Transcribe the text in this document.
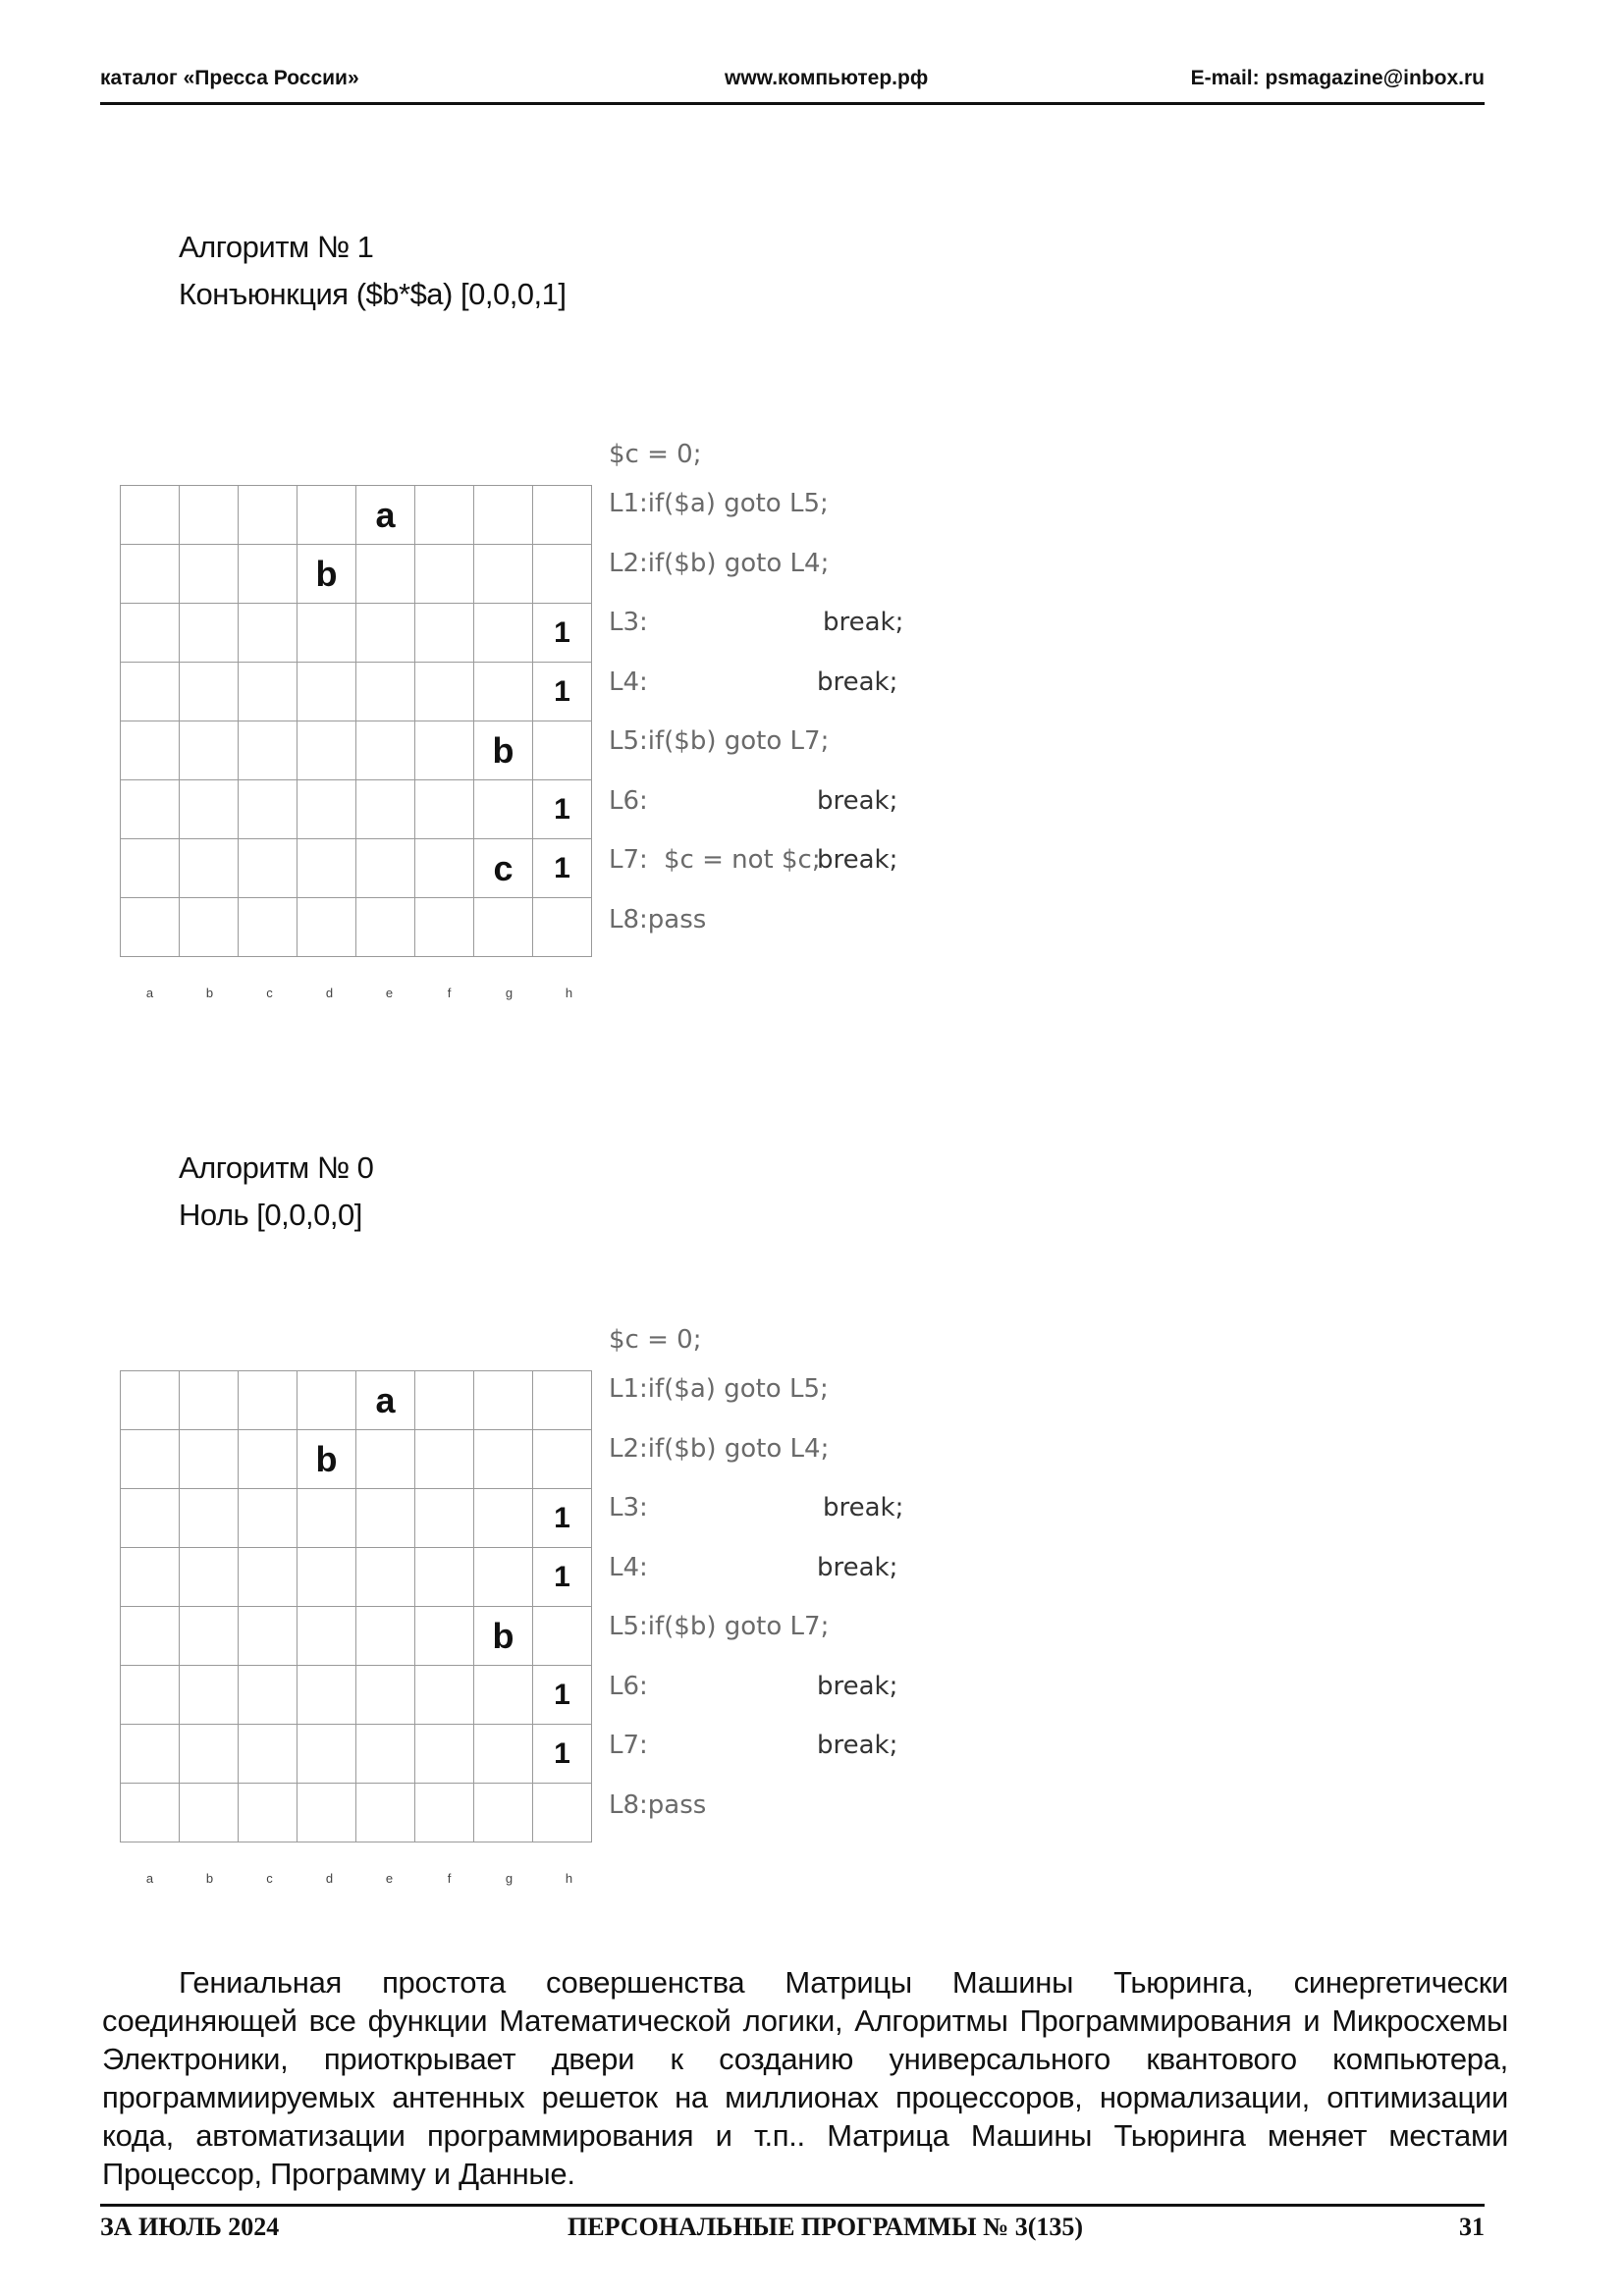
каталог «Пресса России»	www.компьютер.рф	E-mail: psmagazine@inbox.ru
Алгоритм № 1
Конъюнкция ($b*$a) [0,0,0,1]
				a			
			b				
							1
							1
						b	
							1
						c	1

a	b	c	d	e	f	g	h
$c = 0;
L1:if($a) goto L5;
L2:if($b) goto L4;
L3:	break;
L4:	break;
L5:if($b) goto L7;
L6:	break;
L7: $c = not $c;
break;
L8:pass
Алгоритм № 0
Ноль [0,0,0,0]
				a			
			b				
							1
							1
						b	
							1
							1

a	b	c	d	e	f	g	h
$c = 0;
L1:if($a) goto L5;
L2:if($b) goto L4;
L3:	break;
L4:	break;
L5:if($b) goto L7;
L6:	break;
L7:	break;
L8:pass
Гениальная простота совершенства Матрицы Машины Тьюринга, синергетически соединяющей все функции Математической логики, Алгоритмы Программирования и Микросхемы Электроники, приоткрывает двери к созданию универсального квантового компьютера, программиируемых антенных решеток на миллионах процессоров, нормализации, оптимизации кода, автоматизации программирования и т.п.. Матрица Машины Тьюринга меняет местами Процессор, Программу и Данные.
ЗА ИЮЛЬ 2024	ПЕРСОНАЛЬНЫЕ ПРОГРАММЫ № 3(135)	31
